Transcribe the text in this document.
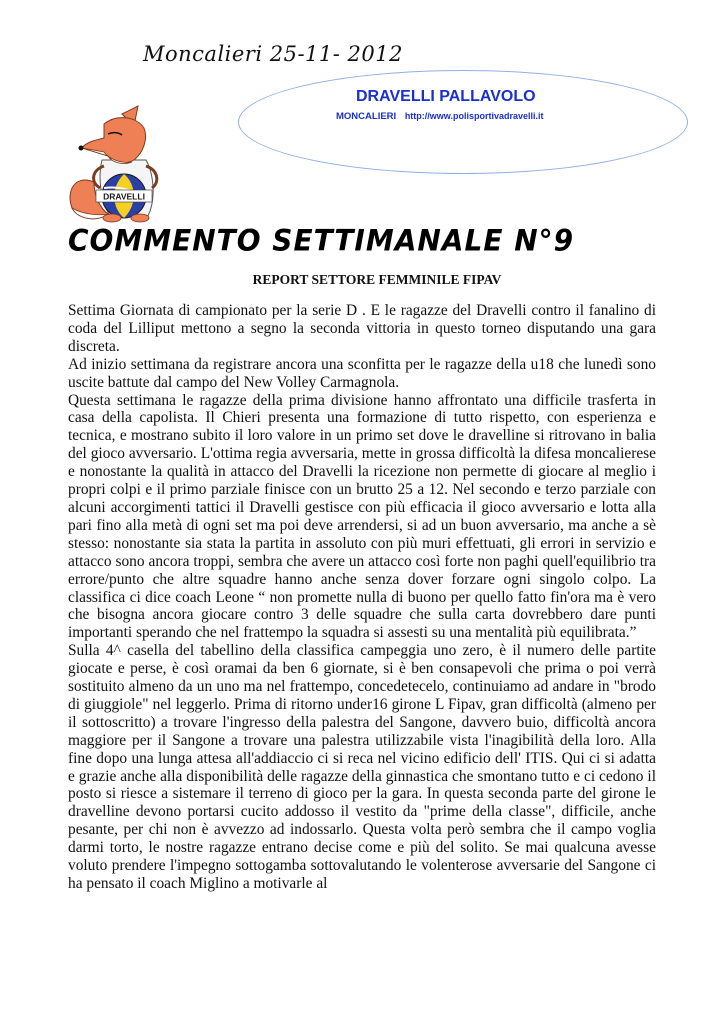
Moncalieri 25-11- 2012
DRAVELLI PALLAVOLO
MONCALIERI http://www.polisportivadravelli.it
DRAVELLI
COMMENTO SETTIMANALE N°9
REPORT SETTORE FEMMINILE FIPAV

Settima Giornata di campionato per la serie D . E le ragazze del Dravelli contro il fanalino di coda del Lilliput mettono a segno la seconda vittoria in questo torneo disputando una gara discreta.

Ad inizio settimana da registrare ancora una sconfitta per le ragazze della u18 che lunedì sono uscite battute dal campo del New Volley Carmagnola.

Questa settimana le ragazze della prima divisione hanno affrontato una difficile trasferta in casa della capolista. Il Chieri presenta una formazione di tutto rispetto, con esperienza e tecnica, e mostrano subito il loro valore in un primo set dove le dravelline si ritrovano in balia del gioco avversario. L'ottima regia avversaria, mette in grossa difficoltà la difesa moncalierese e nonostante la qualità in attacco del Dravelli la ricezione non permette di giocare al meglio i propri colpi e il primo parziale finisce con un brutto 25 a 12. Nel secondo e terzo parziale con alcuni accorgimenti tattici il Dravelli gestisce con più efficacia il gioco avversario e lotta alla pari fino alla metà di ogni set ma poi deve arrendersi, si ad un buon avversario, ma anche a sè stesso: nonostante sia stata la partita in assoluto con più muri effettuati, gli errori in servizio e attacco sono ancora troppi, sembra che avere un attacco così forte non paghi quell'equilibrio tra errore/punto che altre squadre hanno anche senza dover forzare ogni singolo colpo. La classifica ci dice coach Leone “ non promette nulla di buono per quello fatto fin'ora ma è vero che bisogna ancora giocare contro 3 delle squadre che sulla carta dovrebbero dare punti importanti sperando che nel frattempo la squadra si assesti su una mentalità più equilibrata.”

Sulla 4^ casella del tabellino della classifica campeggia uno zero, è il numero delle partite giocate e perse, è così oramai da ben 6 giornate, si è ben consapevoli che prima o poi verrà sostituito almeno da un uno ma nel frattempo, concedetecelo, continuiamo ad andare in "brodo di giuggiole" nel leggerlo. Prima di ritorno under16 girone L Fipav, gran difficoltà (almeno per il sottoscritto) a trovare l'ingresso della palestra del Sangone, davvero buio, difficoltà ancora maggiore per il Sangone a trovare una palestra utilizzabile vista l'inagibilità della loro. Alla fine dopo una lunga attesa all'addiaccio ci si reca nel vicino edificio dell' ITIS. Qui ci si adatta e grazie anche alla disponibilità delle ragazze della ginnastica che smontano tutto e ci cedono il posto si riesce a sistemare il terreno di gioco per la gara. In questa seconda parte del girone le dravelline devono portarsi cucito addosso il vestito da "prime della classe", difficile, anche pesante, per chi non è avvezzo ad indossarlo. Questa volta però sembra che il campo voglia darmi torto, le nostre ragazze entrano decise come e più del solito. Se mai qualcuna avesse voluto prendere l'impegno sottogamba sottovalutando le volenterose avversarie del Sangone ci ha pensato il coach Miglino a motivarle al
